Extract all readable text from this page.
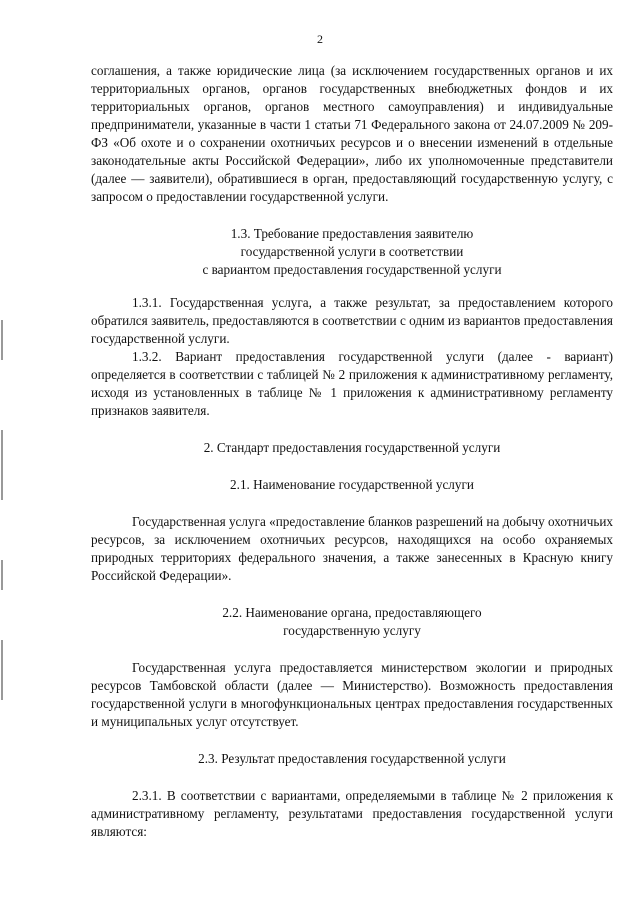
2

соглашения, а также юридические лица (за исключением государственных органов и их территориальных органов, органов государственных внебюджетных фондов и их территориальных органов, органов местного самоуправления) и индивидуальные предприниматели, указанные в части 1 статьи 71 Федерального закона от 24.07.2009 № 209-ФЗ «Об охоте и о сохранении охотничьих ресурсов и о внесении изменений в отдельные законодательные акты Российской Федерации», либо их уполномоченные представители (далее — заявители), обратившиеся в орган, предоставляющий государственную услугу, с запросом о предоставлении государственной услуги.

1.3. Требование предоставления заявителю

государственной услуги в соответствии

с вариантом предоставления государственной услуги

1.3.1. Государственная услуга, а также результат, за предоставлением которого обратился заявитель, предоставляются в соответствии с одним из вариантов предоставления государственной услуги.

1.3.2. Вариант предоставления государственной услуги (далее - вариант) определяется в соответствии с таблицей № 2 приложения к административному регламенту, исходя из установленных в таблице № 1 приложения к административному регламенту признаков заявителя.

2. Стандарт предоставления государственной услуги

2.1. Наименование государственной услуги

Государственная услуга «предоставление бланков разрешений на добычу охотничьих ресурсов, за исключением охотничьих ресурсов, находящихся на особо охраняемых природных территориях федерального значения, а также занесенных в Красную книгу Российской Федерации».

2.2. Наименование органа, предоставляющего

государственную услугу

Государственная услуга предоставляется министерством экологии и природных ресурсов Тамбовской области (далее — Министерство). Возможность предоставления государственной услуги в многофункциональных центрах предоставления государственных и муниципальных услуг отсутствует.

2.3. Результат предоставления государственной услуги

2.3.1. В соответствии с вариантами, определяемыми в таблице № 2 приложения к административному регламенту, результатами предоставления государственной услуги являются:
